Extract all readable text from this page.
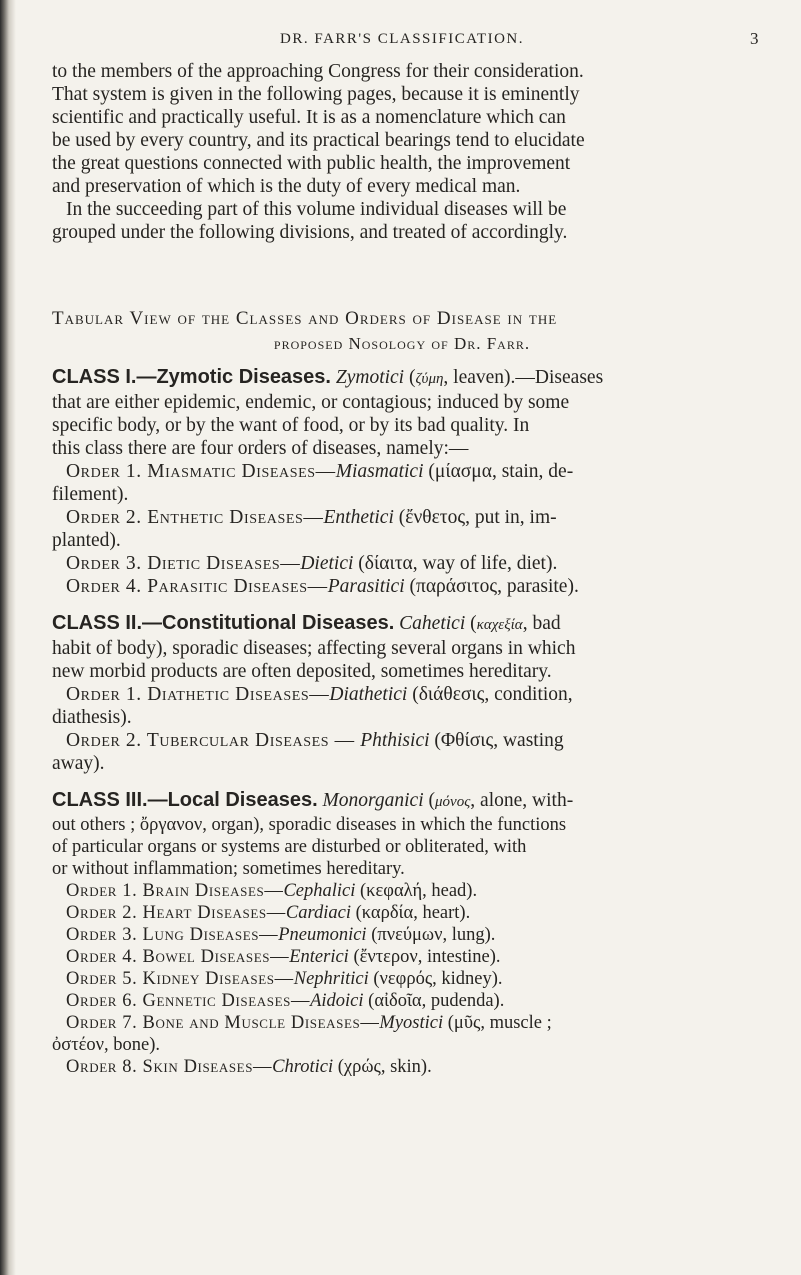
DR. FARR'S CLASSIFICATION.	3

to the members of the approaching Congress for their consideration.

That system is given in the following pages, because it is eminently

scientific and practically useful. It is as a nomenclature which can

be used by every country, and its practical bearings tend to elucidate

the great questions connected with public health, the improvement

and preservation of which is the duty of every medical man.

In the succeeding part of this volume individual diseases will be

grouped under the following divisions, and treated of accordingly.

Tabular View of the Classes and Orders of Disease in the

proposed Nosology of Dr. Farr.

CLASS I.—Zymotic Diseases. Zymotici (ζύμη, leaven).—Diseases

that are either epidemic, endemic, or contagious; induced by some

specific body, or by the want of food, or by its bad quality. In

this class there are four orders of diseases, namely:—

Order 1. Miasmatic Diseases—Miasmatici (μίασμα, stain, de-

filement).

Order 2. Enthetic Diseases—Enthetici (ἔνθετος, put in, im-

planted).

Order 3. Dietic Diseases—Dietici (δίαιτα, way of life, diet).

Order 4. Parasitic Diseases—Parasitici (παράσιτος, parasite).

CLASS II.—Constitutional Diseases. Cahetici (καχεξία, bad

habit of body), sporadic diseases; affecting several organs in which

new morbid products are often deposited, sometimes hereditary.

Order 1. Diathetic Diseases—Diathetici (διάθεσις, condition,

diathesis).

Order 2. Tubercular Diseases — Phthisici (Φθίσις, wasting

away).

CLASS III.—Local Diseases. Monorganici (μόνος, alone, with-

out others ; ὄργανον, organ), sporadic diseases in which the functions

of particular organs or systems are disturbed or obliterated, with

or without inflammation; sometimes hereditary.

Order 1. Brain Diseases—Cephalici (κεφαλή, head).

Order 2. Heart Diseases—Cardiaci (καρδία, heart).

Order 3. Lung Diseases—Pneumonici (πνεύμων, lung).

Order 4. Bowel Diseases—Enterici (ἔντερον, intestine).

Order 5. Kidney Diseases—Nephritici (νεφρός, kidney).

Order 6. Gennetic Diseases—Aidoici (αἰδοῖα, pudenda).

Order 7. Bone and Muscle Diseases—Myostici (μῦς, muscle ;

ὀστέον, bone).

Order 8. Skin Diseases—Chrotici (χρώς, skin).
